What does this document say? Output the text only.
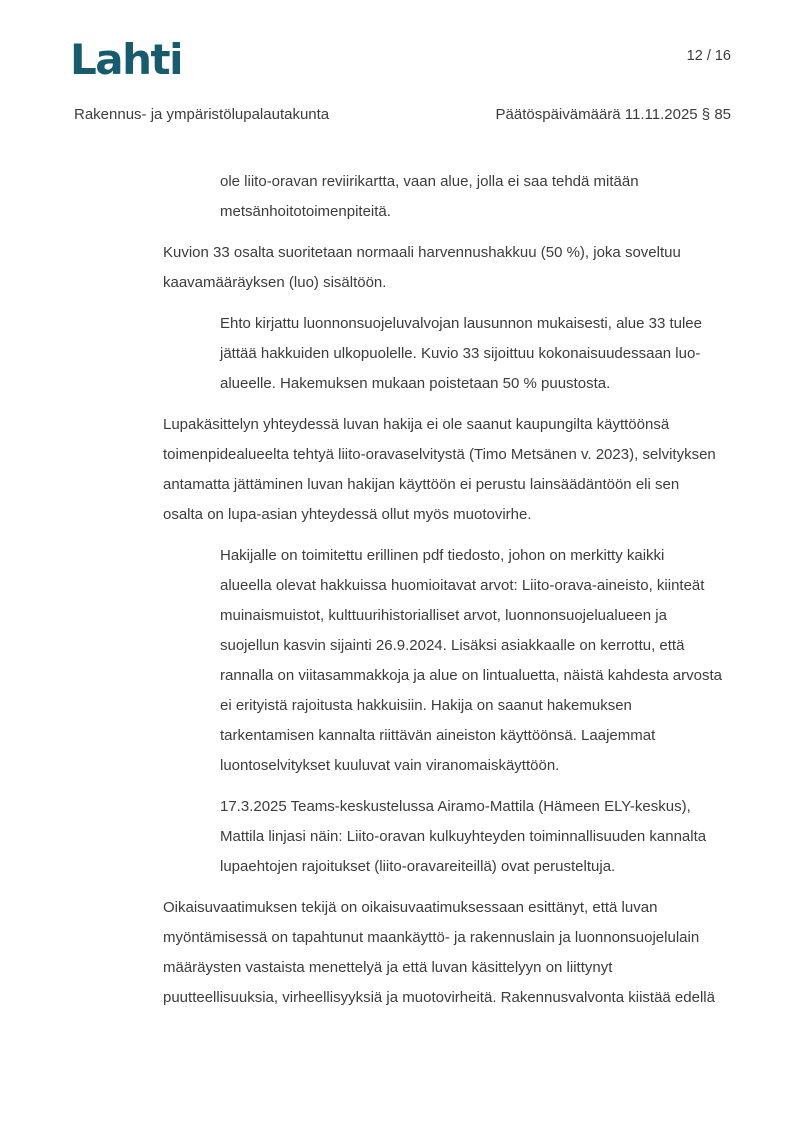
Lahti	12 / 16
Rakennus- ja ympäristölupalautakunta	Päätöspäivämäärä 11.11.2025 § 85
ole liito-oravan reviirikartta, vaan alue, jolla ei saa tehdä mitään
metsänhoitotoimenpiteitä.
Kuvion 33 osalta suoritetaan normaali harvennushakkuu (50 %), joka soveltuu
kaavamääräyksen (luo) sisältöön.
Ehto kirjattu luonnonsuojeluvalvojan lausunnon mukaisesti, alue 33 tulee
jättää hakkuiden ulkopuolelle. Kuvio 33 sijoittuu kokonaisuudessaan luo-
alueelle. Hakemuksen mukaan poistetaan 50 % puustosta.
Lupakäsittelyn yhteydessä luvan hakija ei ole saanut kaupungilta käyttöönsä
toimenpidealueelta tehtyä liito-oravaselvitystä (Timo Metsänen v. 2023), selvityksen
antamatta jättäminen luvan hakijan käyttöön ei perustu lainsäädäntöön eli sen
osalta on lupa-asian yhteydessä ollut myös muotovirhe.
Hakijalle on toimitettu erillinen pdf tiedosto, johon on merkitty kaikki
alueella olevat hakkuissa huomioitavat arvot: Liito-orava-aineisto, kiinteät
muinaismuistot, kulttuurihistorialliset arvot, luonnonsuojelualueen ja
suojellun kasvin sijainti 26.9.2024. Lisäksi asiakkaalle on kerrottu, että
rannalla on viitasammakkoja ja alue on lintualuetta, näistä kahdesta arvosta
ei erityistä rajoitusta hakkuisiin. Hakija on saanut hakemuksen
tarkentamisen kannalta riittävän aineiston käyttöönsä. Laajemmat
luontoselvitykset kuuluvat vain viranomaiskäyttöön.
17.3.2025 Teams-keskustelussa Airamo-Mattila (Hämeen ELY-keskus),
Mattila linjasi näin: Liito-oravan kulkuyhteyden toiminnallisuuden kannalta
lupaehtojen rajoitukset (liito-oravareiteillä) ovat perusteltuja.
Oikaisuvaatimuksen tekijä on oikaisuvaatimuksessaan esittänyt, että luvan
myöntämisessä on tapahtunut maankäyttö- ja rakennuslain ja luonnonsuojelulain
määräysten vastaista menettelyä ja että luvan käsittelyyn on liittynyt
puutteellisuuksia, virheellisyyksiä ja muotovirheitä. Rakennusvalvonta kiistää edellä
